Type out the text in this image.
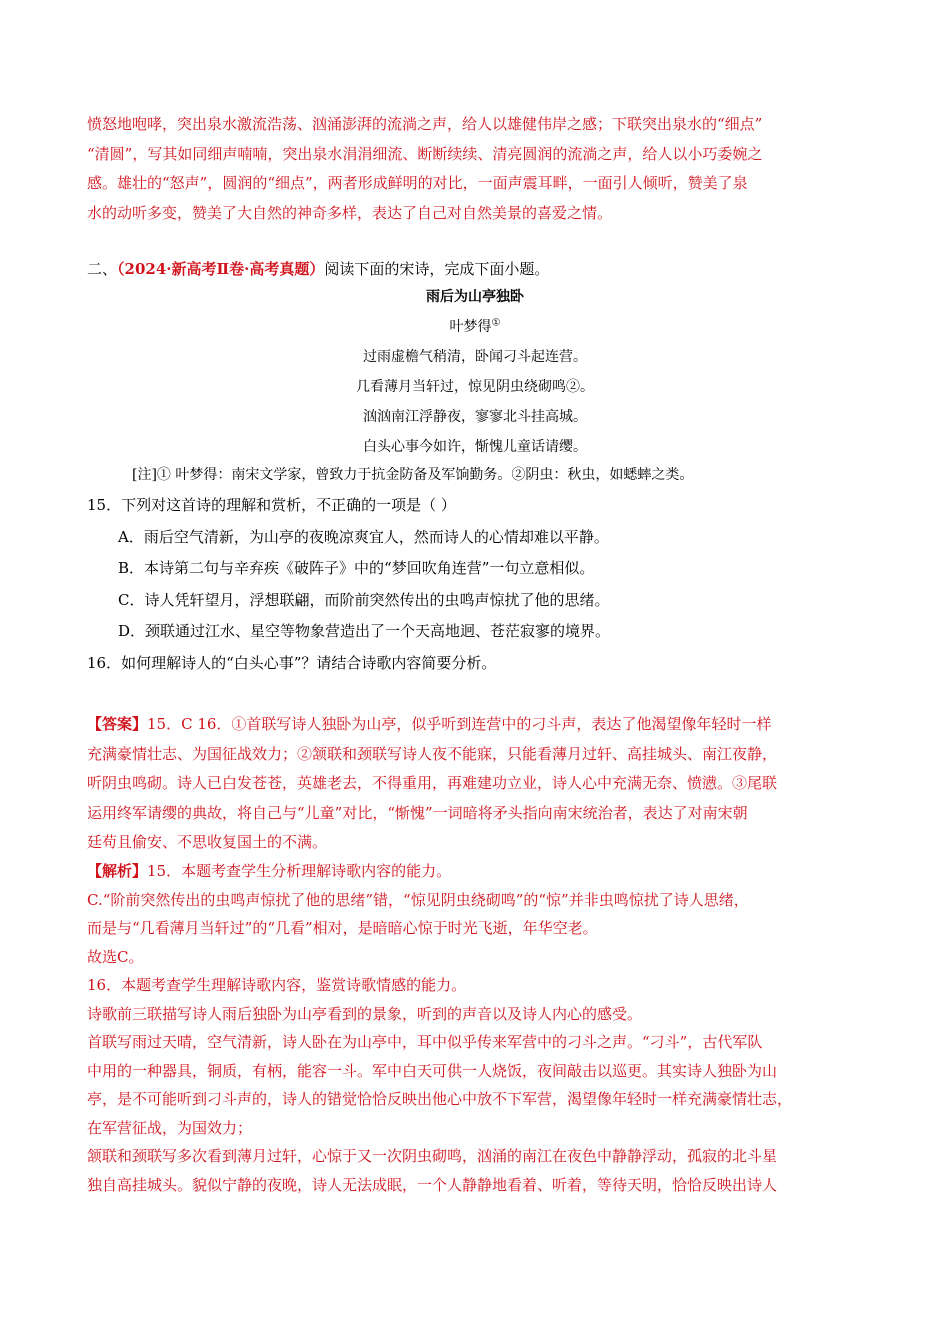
愤怒地咆哮，突出泉水激流浩荡、汹涌澎湃的流淌之声，给人以雄健伟岸之感；下联突出泉水的“细点”
“清圆”，写其如同细声喃喃，突出泉水涓涓细流、断断续续、清亮圆润的流淌之声，给人以小巧委婉之
感。雄壮的“怒声”，圆润的“细点”，两者形成鲜明的对比，一面声震耳畔，一面引人倾听，赞美了泉
水的动听多变，赞美了大自然的神奇多样，表达了自己对自然美景的喜爱之情。
二、（2024·新高考Ⅱ卷·高考真题）阅读下面的宋诗，完成下面小题。
雨后为山亭独卧
叶梦得①
过雨虚檐气稍清，卧闻刁斗起连营。
几看薄月当轩过，惊见阴虫绕砌鸣②。
汹汹南江浮静夜，寥寥北斗挂高城。
白头心事今如许，惭愧儿童话请缨。
[注]① 叶梦得：南宋文学家，曾致力于抗金防备及军饷勤务。②阴虫：秋虫，如蟋蟀之类。
15．下列对这首诗的理解和赏析，不正确的一项是（ ）
A．雨后空气清新，为山亭的夜晚凉爽宜人，然而诗人的心情却难以平静。
B．本诗第二句与辛弃疾《破阵子》中的“梦回吹角连营”一句立意相似。
C．诗人凭轩望月，浮想联翩，而阶前突然传出的虫鸣声惊扰了他的思绪。
D．颈联通过江水、星空等物象营造出了一个天高地迥、苍茫寂寥的境界。
16．如何理解诗人的“白头心事”？请结合诗歌内容简要分析。
【答案】15．C 16．①首联写诗人独卧为山亭，似乎听到连营中的刁斗声，表达了他渴望像年轻时一样
充满豪情壮志、为国征战效力；②颔联和颈联写诗人夜不能寐，只能看薄月过轩、高挂城头、南江夜静，
听阴虫鸣砌。诗人已白发苍苍，英雄老去，不得重用，再难建功立业，诗人心中充满无奈、愤懑。③尾联
运用终军请缨的典故，将自己与“儿童”对比，“惭愧”一词暗将矛头指向南宋统治者，表达了对南宋朝
廷苟且偷安、不思收复国土的不满。
【解析】15．本题考查学生分析理解诗歌内容的能力。
C.“阶前突然传出的虫鸣声惊扰了他的思绪”错，“惊见阴虫绕砌鸣”的“惊”并非虫鸣惊扰了诗人思绪，
而是与“几看薄月当轩过”的“几看”相对，是暗暗心惊于时光飞逝，年华空老。
故选C。
16．本题考查学生理解诗歌内容，鉴赏诗歌情感的能力。
诗歌前三联描写诗人雨后独卧为山亭看到的景象，听到的声音以及诗人内心的感受。
首联写雨过天晴，空气清新，诗人卧在为山亭中，耳中似乎传来军营中的刁斗之声。“刁斗”，古代军队
中用的一种器具，铜质，有柄，能容一斗。军中白天可供一人烧饭，夜间敲击以巡更。其实诗人独卧为山
亭，是不可能听到刁斗声的，诗人的错觉恰恰反映出他心中放不下军营，渴望像年轻时一样充满豪情壮志，
在军营征战，为国效力；
颔联和颈联写多次看到薄月过轩，心惊于又一次阴虫砌鸣，汹涌的南江在夜色中静静浮动，孤寂的北斗星
独自高挂城头。貌似宁静的夜晚，诗人无法成眠，一个人静静地看着、听着，等待天明，恰恰反映出诗人
